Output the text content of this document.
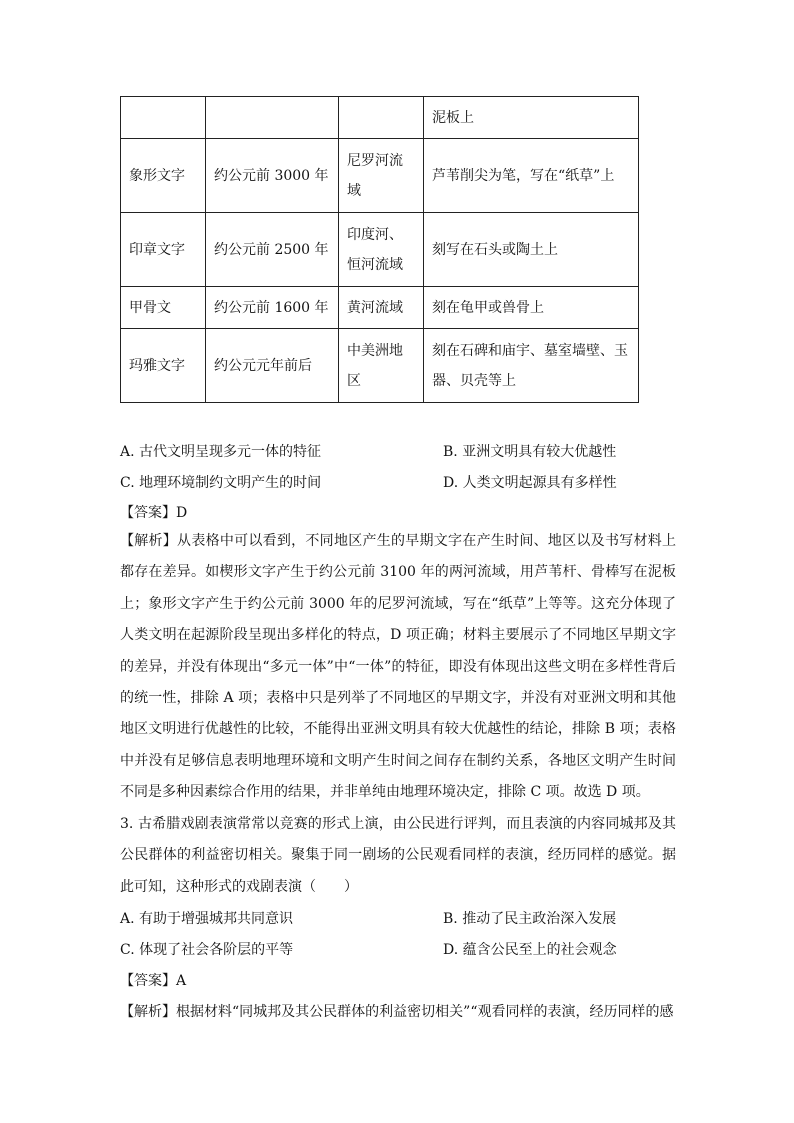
			泥板上
象形文字	约公元前 3000 年	尼罗河流域	芦苇削尖为笔，写在“纸草”上
印章文字	约公元前 2500 年	印度河、恒河流域	刻写在石头或陶土上
甲骨文	约公元前 1600 年	黄河流域	刻在龟甲或兽骨上
玛雅文字	约公元元年前后	中美洲地区	刻在石碑和庙宇、墓室墙壁、玉器、贝壳等上
A. 古代文明呈现多元一体的特征	B. 亚洲文明具有较大优越性
C. 地理环境制约文明产生的时间	D. 人类文明起源具有多样性
【答案】D
【解析】从表格中可以看到，不同地区产生的早期文字在产生时间、地区以及书写材料上都存在差异。如楔形文字产生于约公元前 3100 年的两河流域，用芦苇杆、骨棒写在泥板上；象形文字产生于约公元前 3000 年的尼罗河流域，写在“纸草”上等等。这充分体现了人类文明在起源阶段呈现出多样化的特点，D 项正确；材料主要展示了不同地区早期文字的差异，并没有体现出“多元一体”中“一体”的特征，即没有体现出这些文明在多样性背后的统一性，排除 A 项；表格中只是列举了不同地区的早期文字，并没有对亚洲文明和其他地区文明进行优越性的比较，不能得出亚洲文明具有较大优越性的结论，排除 B 项；表格中并没有足够信息表明地理环境和文明产生时间之间存在制约关系，各地区文明产生时间不同是多种因素综合作用的结果，并非单纯由地理环境决定，排除 C 项。故选 D 项。
3. 古希腊戏剧表演常常以竞赛的形式上演，由公民进行评判，而且表演的内容同城邦及其公民群体的利益密切相关。聚集于同一剧场的公民观看同样的表演，经历同样的感觉。据此可知，这种形式的戏剧表演（　　）
A. 有助于增强城邦共同意识	B. 推动了民主政治深入发展
C. 体现了社会各阶层的平等	D. 蕴含公民至上的社会观念
【答案】A
【解析】根据材料“同城邦及其公民群体的利益密切相关”“观看同样的表演，经历同样的感
